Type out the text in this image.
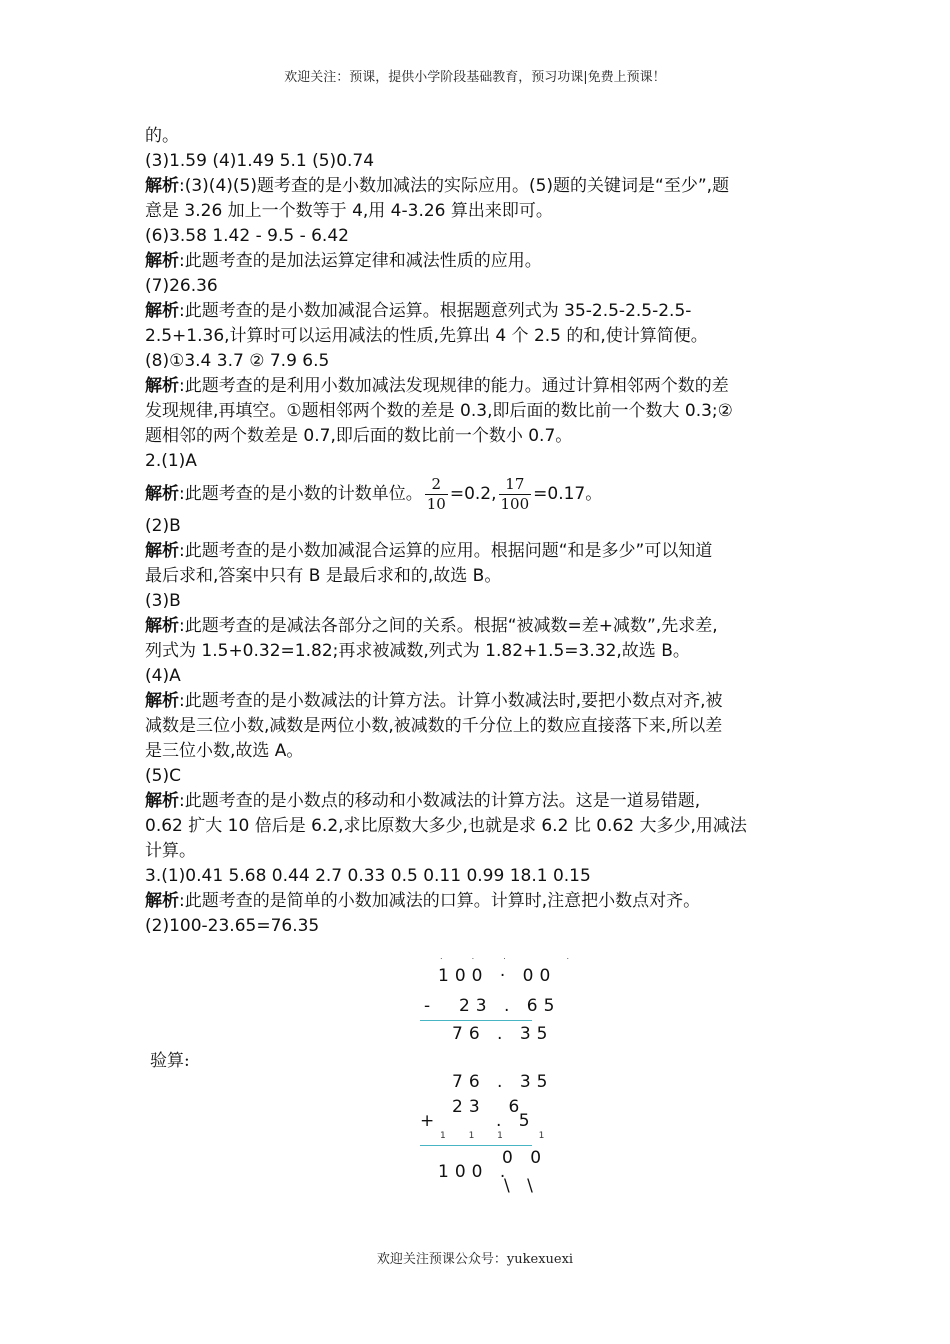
欢迎关注：预课，提供小学阶段基础教育，预习功课|免费上预课！

的。

(3)1.59 (4)1.49 5.1 (5)0.74

解析:(3)(4)(5)题考查的是小数加减法的实际应用。(5)题的关键词是“至少”,题

意是 3.26 加上一个数等于 4,用 4-3.26 算出来即可。

(6)3.58 1.42 - 9.5 - 6.42

解析:此题考查的是加法运算定律和减法性质的应用。

(7)26.36

解析:此题考查的是小数加减混合运算。根据题意列式为 35-2.5-2.5-2.5-

2.5+1.36,计算时可以运用减法的性质,先算出 4 个 2.5 的和,使计算简便。

(8)①3.4 3.7 ② 7.9 6.5

解析:此题考查的是利用小数加减法发现规律的能力。通过计算相邻两个数的差

发现规律,再填空。①题相邻两个数的差是 0.3,即后面的数比前一个数大 0.3;②

题相邻的两个数差是 0.7,即后面的数比前一个数小 0.7。

2.(1)A

解析:此题考查的是小数的计数单位。 $\frac{2}{10} =0.2$, $\frac{17}{100} =0.17$。

(2)B

解析:此题考查的是小数加减混合运算的应用。根据问题“和是多少”可以知道

最后求和,答案中只有 B 是最后求和的,故选 B。

(3)B

解析:此题考查的是减法各部分之间的关系。根据“被减数=差+减数”,先求差,

列式为 1.5+0.32=1.82;再求被减数,列式为 1.82+1.5=3.32,故选 B。

(4)A

解析:此题考查的是小数减法的计算方法。计算小数减法时,要把小数点对齐,被

减数是三位小数,减数是两位小数,被减数的千分位上的数应直接落下来,所以差

是三位小数,故选 A。

(5)C

解析:此题考查的是小数点的移动和小数减法的计算方法。这是一道易错题,

0.62 扩大 10 倍后是 6.2,求比原数大多少,也就是求 6.2 比 0.62 大多少,用减法

计算。

3.(1)0.41 5.68 0.44 2.7 0.33 0.5 0.11 0.99 18.1 0.15

解析:此题考查的是简单的小数加减法的口算。计算时,注意把小数点对齐。

(2)100-23.65=76.35

.  .  .     .
100 · 00
-  23 . 65
76 . 35
验算:
76 . 35
23  6
+	. 5
1 1 1  1
0 0
100 .
\ \
欢迎关注预课公众号：yukexuexi
